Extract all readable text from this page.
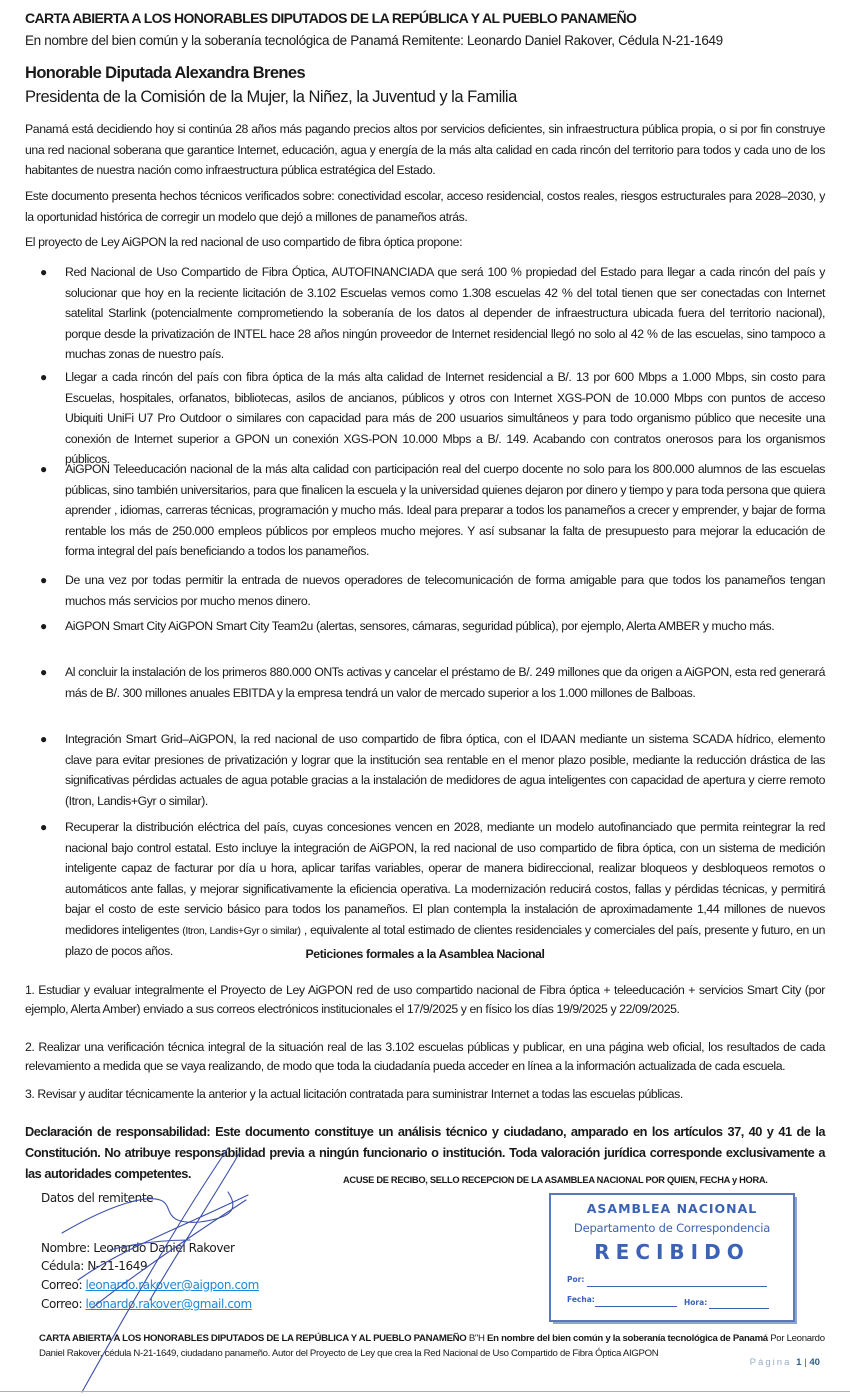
CARTA ABIERTA A LOS HONORABLES DIPUTADOS DE LA REPÚBLICA Y AL PUEBLO PANAMEÑO
En nombre del bien común y la soberanía tecnológica de Panamá Remitente: Leonardo Daniel Rakover, Cédula N-21-1649
Honorable Diputada Alexandra Brenes
Presidenta de la Comisión de la Mujer, la Niñez, la Juventud y la Familia
Panamá está decidiendo hoy si continúa 28 años más pagando precios altos por servicios deficientes, sin infraestructura pública propia, o si por fin construye una red nacional soberana que garantice Internet, educación, agua y energía de la más alta calidad en cada rincón del territorio para todos y cada uno de los habitantes de nuestra nación como infraestructura pública estratégica del Estado.
Este documento presenta hechos técnicos verificados sobre: conectividad escolar, acceso residencial, costos reales, riesgos estructurales para 2028–2030, y la oportunidad histórica de corregir un modelo que dejó a millones de panameños atrás.
El proyecto de Ley AiGPON la red nacional de uso compartido de fibra óptica propone:
● Red Nacional de Uso Compartido de Fibra Óptica, AUTOFINANCIADA que será 100 % propiedad del Estado para llegar a cada rincón del país y solucionar que hoy en la reciente licitación de 3.102 Escuelas vemos como 1.308 escuelas 42 % del total tienen que ser conectadas con Internet satelital Starlink (potencialmente comprometiendo la soberanía de los datos al depender de infraestructura ubicada fuera del territorio nacional), porque desde la privatización de INTEL hace 28 años ningún proveedor de Internet residencial llegó no solo al 42 % de las escuelas, sino tampoco a muchas zonas de nuestro país.
● Llegar a cada rincón del país con fibra óptica de la más alta calidad de Internet residencial a B/. 13 por 600 Mbps a 1.000 Mbps, sin costo para Escuelas, hospitales, orfanatos, bibliotecas, asilos de ancianos, públicos y otros con Internet XGS-PON de 10.000 Mbps con puntos de acceso Ubiquiti UniFi U7 Pro Outdoor o similares con capacidad para más de 200 usuarios simultáneos y para todo organismo público que necesite una conexión de Internet superior a GPON un conexión XGS-PON 10.000 Mbps a B/. 149. Acabando con contratos onerosos para los organismos públicos.
● AiGPON Teleeducación nacional de la más alta calidad con participación real del cuerpo docente no solo para los 800.000 alumnos de las escuelas públicas, sino también universitarios, para que finalicen la escuela y la universidad quienes dejaron por dinero y tiempo y para toda persona que quiera aprender , idiomas, carreras técnicas, programación y mucho más. Ideal para preparar a todos los panameños a crecer y emprender, y bajar de forma rentable los más de 250.000 empleos públicos por empleos mucho mejores. Y así subsanar la falta de presupuesto para mejorar la educación de forma integral del país beneficiando a todos los panameños.
● De una vez por todas permitir la entrada de nuevos operadores de telecomunicación de forma amigable para que todos los panameños tengan muchos más servicios por mucho menos dinero.
● AiGPON Smart City AiGPON Smart City Team2u (alertas, sensores, cámaras, seguridad pública), por ejemplo, Alerta AMBER y mucho más.
● Al concluir la instalación de los primeros 880.000 ONTs activas y cancelar el préstamo de B/. 249 millones que da origen a AiGPON, esta red generará más de B/. 300 millones anuales EBITDA y la empresa tendrá un valor de mercado superior a los 1.000 millones de Balboas.
● Integración Smart Grid–AiGPON, la red nacional de uso compartido de fibra óptica, con el IDAAN mediante un sistema SCADA hídrico, elemento clave para evitar presiones de privatización y lograr que la institución sea rentable en el menor plazo posible, mediante la reducción drástica de las significativas pérdidas actuales de agua potable gracias a la instalación de medidores de agua inteligentes con capacidad de apertura y cierre remoto (Itron, Landis+Gyr o similar).
● Recuperar la distribución eléctrica del país, cuyas concesiones vencen en 2028, mediante un modelo autofinanciado que permita reintegrar la red nacional bajo control estatal. Esto incluye la integración de AiGPON, la red nacional de uso compartido de fibra óptica, con un sistema de medición inteligente capaz de facturar por día u hora, aplicar tarifas variables, operar de manera bidireccional, realizar bloqueos y desbloqueos remotos o automáticos ante fallas, y mejorar significativamente la eficiencia operativa. La modernización reducirá costos, fallas y pérdidas técnicas, y permitirá bajar el costo de este servicio básico para todos los panameños. El plan contempla la instalación de aproximadamente 1,44 millones de nuevos medidores inteligentes (Itron, Landis+Gyr o similar) , equivalente al total estimado de clientes residenciales y comerciales del país, presente y futuro, en un plazo de pocos años.	Peticiones formales a la Asamblea Nacional
1. Estudiar y evaluar integralmente el Proyecto de Ley AiGPON red de uso compartido nacional de Fibra óptica + teleeducación + servicios Smart City (por ejemplo, Alerta Amber) enviado a sus correos electrónicos institucionales el 17/9/2025 y en físico los días 19/9/2025 y 22/09/2025.
2. Realizar una verificación técnica integral de la situación real de las 3.102 escuelas públicas y publicar, en una página web oficial, los resultados de cada relevamiento a medida que se vaya realizando, de modo que toda la ciudadanía pueda acceder en línea a la información actualizada de cada escuela.
3. Revisar y auditar técnicamente la anterior y la actual licitación contratada para suministrar Internet a todas las escuelas públicas.
Declaración de responsabilidad: Este documento constituye un análisis técnico y ciudadano, amparado en los artículos 37, 40 y 41 de la Constitución. No atribuye responsabilidad previa a ningún funcionario o institución. Toda valoración jurídica corresponde exclusivamente a las autoridades competentes.	ACUSE DE RECIBO, SELLO RECEPCION DE LA ASAMBLEA NACIONAL POR QUIEN, FECHA y HORA.
Datos del remitente
Nombre: Leonardo Daniel Rakover
Cédula: N-21-1649
Correo: leonardo.rakover@aigpon.com
Correo: leonardo.rakover@gmail.com
ASAMBLEA NACIONAL
Departamento de Correspondencia
RECIBIDO
Por:
Fecha:	Hora:
CARTA ABIERTA A LOS HONORABLES DIPUTADOS DE LA REPÚBLICA Y AL PUEBLO PANAMEÑO B"H En nombre del bien común y la soberanía tecnológica de Panamá Por Leonardo Daniel Rakover, cédula N-21-1649, ciudadano panameño. Autor del Proyecto de Ley que crea la Red Nacional de Uso Compartido de Fibra Óptica AIGPON
Página 1 | 40
